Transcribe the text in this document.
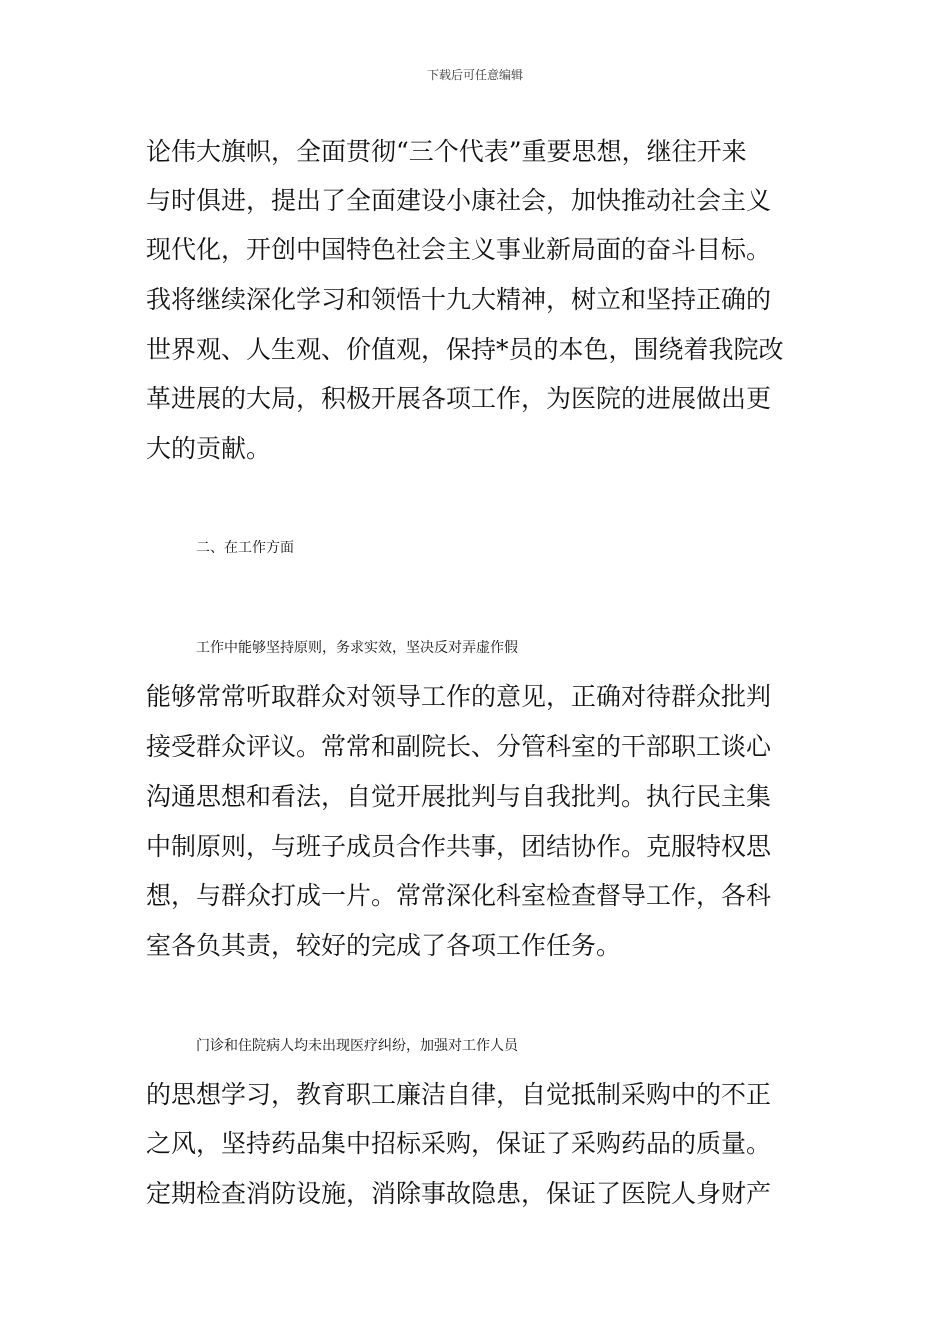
下载后可任意编辑
论伟大旗帜，全面贯彻“三个代表”重要思想，继往开来
与时俱进，提出了全面建设小康社会，加快推动社会主义
现代化，开创中国特色社会主义事业新局面的奋斗目标。
我将继续深化学习和领悟十九大精神，树立和坚持正确的
世界观、人生观、价值观，保持*员的本色，围绕着我院改
革进展的大局，积极开展各项工作，为医院的进展做出更
大的贡献。
二、在工作方面
工作中能够坚持原则，务求实效，坚决反对弄虚作假
能够常常听取群众对领导工作的意见，正确对待群众批判
接受群众评议。常常和副院长、分管科室的干部职工谈心
沟通思想和看法，自觉开展批判与自我批判。执行民主集
中制原则，与班子成员合作共事，团结协作。克服特权思
想，与群众打成一片。常常深化科室检查督导工作，各科
室各负其责，较好的完成了各项工作任务。
门诊和住院病人均未出现医疗纠纷，加强对工作人员
的思想学习，教育职工廉洁自律，自觉抵制采购中的不正
之风，坚持药品集中招标采购，保证了采购药品的质量。
定期检查消防设施，消除事故隐患，保证了医院人身财产
